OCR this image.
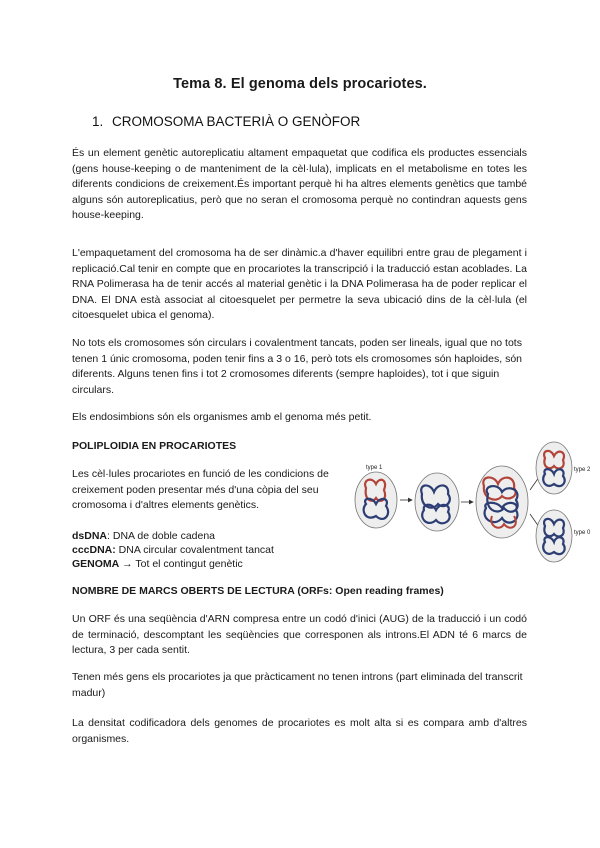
Tema 8. El genoma dels procariotes.
1. CROMOSOMA BACTERIÀ O GENÒFOR

És un element genètic autoreplicatiu altament empaquetat que codifica els productes essencials (gens house-keeping o de manteniment de la cèl·lula), implicats en el metabolisme en totes les diferents condicions de creixement.És important perquè hi ha altres elements genètics que també alguns són autoreplicatius, però que no seran el cromosoma perquè no contindran aquests gens house-keeping.

L'empaquetament del cromosoma ha de ser dinàmic.a d'haver equilibri entre grau de plegament i replicació.Cal tenir en compte que en procariotes la transcripció i la traducció estan acoblades. La RNA Polimerasa ha de tenir accés al material genètic i la DNA Polimerasa ha de poder replicar el DNA. El DNA està associat al citoesquelet per permetre la seva ubicació dins de la cèl·lula (el citoesquelet ubica el genoma).

No tots els cromosomes són circulars i covalentment tancats, poden ser lineals, igual que no tots tenen 1 únic cromosoma, poden tenir fins a 3 o 16, però tots els cromosomes són haploides, són diferents. Alguns tenen fins i tot 2 cromosomes diferents (sempre haploides), tot i que siguin circulars.

Els endosimbions són els organismes amb el genoma més petit.

POLIPLOIDIA EN PROCARIOTES

Les cèl·lules procariotes en funció de les condicions de creixement poden presentar més d'una còpia del seu cromosoma i d'altres elements genètics.

dsDNA: DNA de doble cadena

cccDNA: DNA circular covalentment tancat

GENOMA → Tot el contingut genètic

type 1	type 2
type 0

NOMBRE DE MARCS OBERTS DE LECTURA (ORFs: Open reading frames)

Un ORF és una seqüència d'ARN compresa entre un codó d'inici (AUG) de la traducció i un codó de terminació, descomptant les seqüències que corresponen als introns.El ADN té 6 marcs de lectura, 3 per cada sentit.

Tenen més gens els procariotes ja que pràcticament no tenen introns (part eliminada del transcrit madur)

La densitat codificadora dels genomes de procariotes es molt alta si es compara amb d'altres organismes.
